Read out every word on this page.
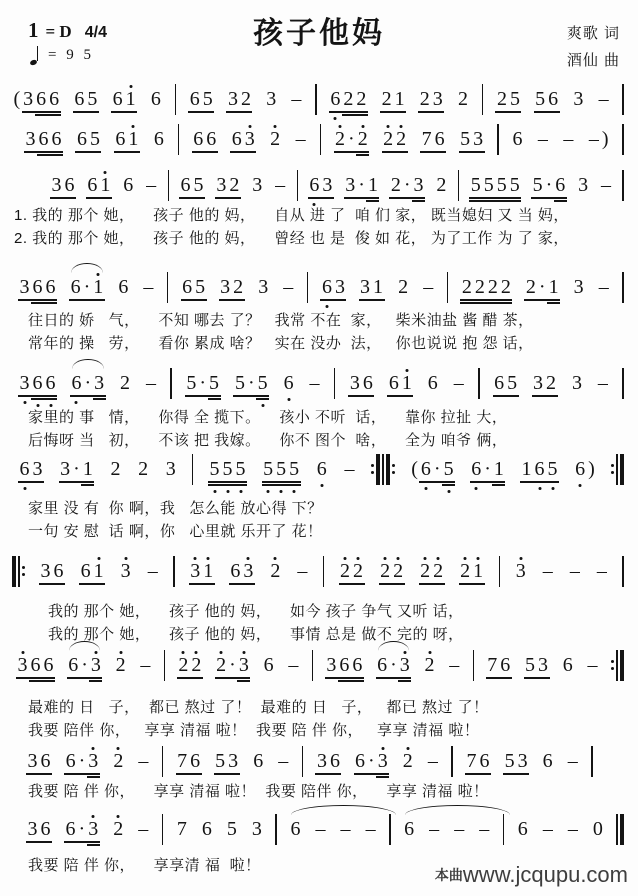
孩子他妈
1 = D 4/4
= 9 5
爽歌 词
酒仙 曲
( 3 6 6 6 5 6 1 6 6 5 3 2 3 – 6 2 2 2 1 2 3 2 2 5 5 6 3 –
3 6 6 6 5 6 1 6 6 6 6 3 2 – 2 · 2 2 2 7 6 5 3 6 – – – )
3 6 6 1 6 – 6 5 3 2 3 – 6 3 3 · 1 2 · 3 2 5 5 5 5 5 · 6 3 –
1. 我的 那个 她，    孩子 他的 妈，    自从 进 了  咱 们 家， 既当媳妇 又 当 妈，
2. 我的 那个 她，    孩子 他的 妈，    曾经 也 是  俊 如 花， 为了工作 为 了 家，
3 6 6 6 · 1 6 – 6 5 3 2 3 – 6 3 3 1 2 – 2 2 2 2 2 · 1 3 –
往日的 娇   气，    不知 哪去 了？   我常 不在  家，   柴米油盐 酱 醋 茶，
常年的 操   劳，    看你 累成 啥？   实在 没办  法，   你也说说 抱 怨 话，
3 6 6 6 · 3 2 – 5 · 5 5 · 5 6 – 3 6 6 1 6 – 6 5 3 2 3 –
家里的 事   情，    你得 全 揽下。    孩小 不听  话，    靠你 拉扯 大，
后悔呀 当   初，    不该 把 我嫁。    你不 图个  啥，    全为 咱爷 俩，
6 3 3 · 1 2 2 3 5 5 5 5 5 5 6 –	( 6 · 5 6 · 1 1 6 5 6 )
家里 没 有  你 啊，我   怎么能 放心得 下？
一句 安 慰  话 啊，你   心里就 乐开了 花！
3 6 6 1 3 – 3 1 6 3 2 – 2 2 2 2 2 2 2 1 3 – – –
我的 那个 她，    孩子 他的 妈，    如今 孩子 争气 又听 话，
我的 那个 她，    孩子 他的 妈，    事情 总是 做不 完的 呀，
3 6 6 6 · 3 2 – 2 2 2 · 3 6 – 3 6 6 6 · 3 2 – 7 6 5 3 6 –
最难的 日   子，  都已 熬过 了！  最难的 日   子，   都已 熬过 了！
我要 陪伴 你，   享享 清福 啦！  我要 陪 伴 你，   享享 清福 啦！
3 6 6 · 3 2 – 7 6 5 3 6 – 3 6 6 · 3 2 – 7 6 5 3 6 –
我要 陪 伴 你，    享享 清福 啦！  我要 陪伴 你，    享享 清福 啦！
3 6 6 · 3 2 – 7 6 5 3 6 – – – 6 – – – 6 – – 0
我要 陪 伴 你，    享享清 福  啦！
本曲 www.jcqupu.com
